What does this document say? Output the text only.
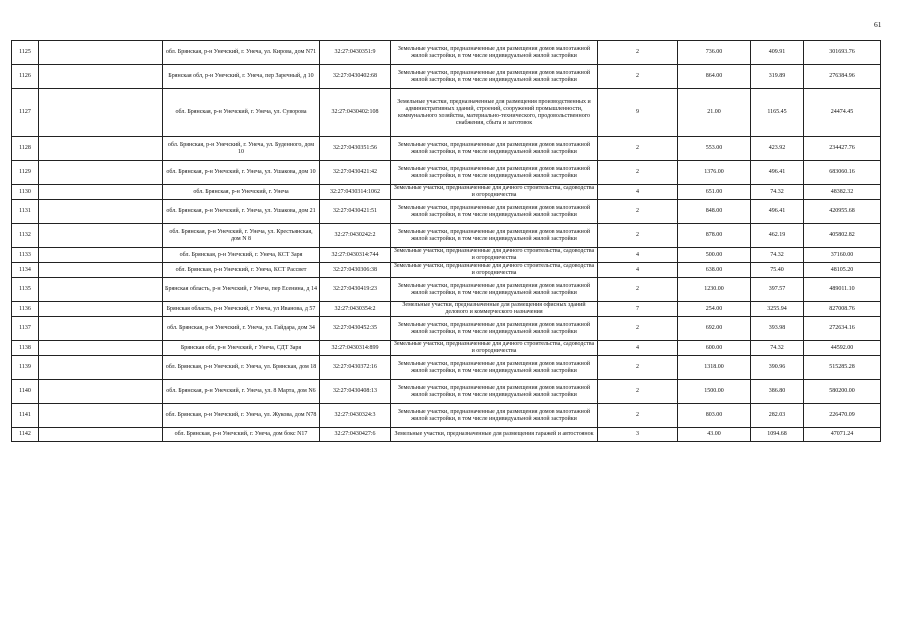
61
1125		обл. Брянская, р-н Унечский, г. Унеча, ул. Кирова, дом N71	32:27:0430351:9	Земельные участки, предназначенные для размещения домов малоэтажной жилой застройки, в том числе индивидуальной жилой застройки	2	736.00	409.91	301693.76
1126		Брянская обл, р-н Унечский, г. Унеча, пер Заречный, д 10	32:27:0430402:68	Земельные участки, предназначенные для размещения домов малоэтажной жилой застройки, в том числе индивидуальной жилой застройки	2	864.00	319.89	276384.96
1127		обл. Брянская, р-н Унечский, г. Унеча, ул. Суворова	32:27:0430402:108	Земельные участки, предназначенные для размещения производственных и административных зданий, строений, сооружений промышленности, коммунального хозяйства, материально-технического, продовольственного снабжения, сбыта и заготовок	9	21.00	1165.45	24474.45
1128		обл. Брянская, р-н Унечский, г. Унеча, ул. Буденного, дом 10	32:27:0430351:56	Земельные участки, предназначенные для размещения домов малоэтажной жилой застройки, в том числе индивидуальной жилой застройки	2	553.00	423.92	234427.76
1129		обл. Брянская, р-н Унечский, г. Унеча, ул. Ушакова, дом 10	32:27:0430421:42	Земельные участки, предназначенные для размещения домов малоэтажной жилой застройки, в том числе индивидуальной жилой застройки	2	1376.00	496.41	683060.16
1130		обл. Брянская, р-н Унечский, г. Унеча	32:27:0430314:1062	Земельные участки, предназначенные для дачного строительства, садоводства и огородничества	4	651.00	74.32	48382.32
1131		обл. Брянская, р-н Унечский, г. Унеча, ул. Ушакова, дом 21	32:27:0430421:51	Земельные участки, предназначенные для размещения домов малоэтажной жилой застройки, в том числе индивидуальной жилой застройки	2	848.00	496.41	420955.68
1132		обл. Брянская, р-н Унечский, г. Унеча, ул. Крестьянская, дом N 8	32:27:0430242:2	Земельные участки, предназначенные для размещения домов малоэтажной жилой застройки, в том числе индивидуальной жилой застройки	2	878.00	462.19	405802.82
1133		обл. Брянская, р-н Унечский, г. Унеча, КСТ Заря	32:27:0430314:744	Земельные участки, предназначенные для дачного строительства, садоводства и огородничества	4	500.00	74.32	37160.00
1134		обл. Брянская, р-н Унечский, г. Унеча, КСТ Рассвет	32:27:0430306:38	Земельные участки, предназначенные для дачного строительства, садоводства и огородничества	4	638.00	75.40	48105.20
1135		Брянская область, р-н Унечский, г Унеча, пер Есенина, д 14	32:27:0430419:23	Земельные участки, предназначенные для размещения домов малоэтажной жилой застройки, в том числе индивидуальной жилой застройки	2	1230.00	397.57	489011.10
1136		Брянская область, р-н Унечский, г Унеча, ул Иванова, д 57	32:27:0430354:2	Земельные участки, предназначенные для размещения офисных зданий делового и коммерческого назначения	7	254.00	3255.94	827008.76
1137		обл. Брянская, р-н Унечский, г. Унеча, ул. Гайдара, дом 34	32:27:0430452:35	Земельные участки, предназначенные для размещения домов малоэтажной жилой застройки, в том числе индивидуальной жилой застройки	2	692.00	393.98	272634.16
1138		Брянская обл, р-н Унечский, г Унеча, СДТ Заря	32:27:0430314:899	Земельные участки, предназначенные для дачного строительства, садоводства и огородничества	4	600.00	74.32	44592.00
1139		обл. Брянская, р-н Унечский, г. Унеча, ул. Брянская, дом 18	32:27:0430372:16	Земельные участки, предназначенные для размещения домов малоэтажной жилой застройки, в том числе индивидуальной жилой застройки	2	1318.00	390.96	515285.28
1140		обл. Брянская, р-н Унечский, г. Унеча, ул. 8 Марта, дом N6	32:27:0430408:13	Земельные участки, предназначенные для размещения домов малоэтажной жилой застройки, в том числе индивидуальной жилой застройки	2	1500.00	386.80	580200.00
1141		обл. Брянская, р-н Унечский, г. Унеча, ул. Жукова, дом N78	32:27:0430324:3	Земельные участки, предназначенные для размещения домов малоэтажной жилой застройки, в том числе индивидуальной жилой застройки	2	803.00	282.03	226470.09
1142		обл. Брянская, р-н Унечский, г. Унеча, дом бокс N17	32:27:0430427:6	Земельные участки, предназначенные для размещения гаражей и автостоянок	3	43.00	1094.68	47071.24
